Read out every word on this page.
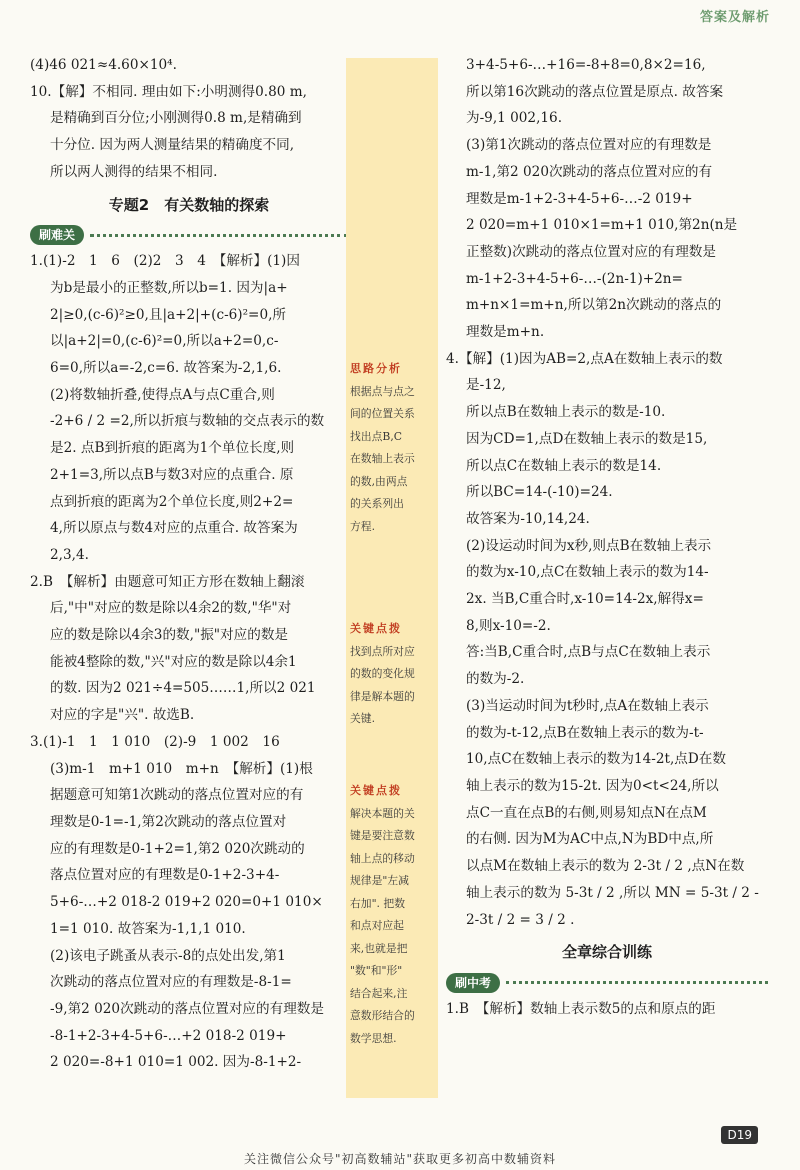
答案及解析
(4)46 021≈4.60×10⁴.
10.【解】不相同. 理由如下:小明测得0.80 m,
是精确到百分位;小刚测得0.8 m,是精确到
十分位. 因为两人测量结果的精确度不同,
所以两人测得的结果不相同.
专题2　有关数轴的探索
刷难关
1.(1)-2　1　6　(2)2　3　4　【解析】(1)因
为b是最小的正整数,所以b=1. 因为|a+
2|≥0,(c-6)²≥0,且|a+2|+(c-6)²=0,所
以|a+2|=0,(c-6)²=0,所以a+2=0,c-
6=0,所以a=-2,c=6. 故答案为-2,1,6.
(2)将数轴折叠,使得点A与点C重合,则
-2+6 / 2 =2,所以折痕与数轴的交点表示的数
是2. 点B到折痕的距离为1个单位长度,则
2+1=3,所以点B与数3对应的点重合. 原
点到折痕的距离为2个单位长度,则2+2=
4,所以原点与数4对应的点重合. 故答案为
2,3,4.
2.B　【解析】由题意可知正方形在数轴上翻滚
后,"中"对应的数是除以4余2的数,"华"对
应的数是除以4余3的数,"振"对应的数是
能被4整除的数,"兴"对应的数是除以4余1
的数. 因为2 021÷4=505……1,所以2 021
对应的字是"兴". 故选B.
3.(1)-1　1　1 010　(2)-9　1 002　16
(3)m-1　m+1 010　m+n　【解析】(1)根
据题意可知第1次跳动的落点位置对应的有
理数是0-1=-1,第2次跳动的落点位置对
应的有理数是0-1+2=1,第2 020次跳动的
落点位置对应的有理数是0-1+2-3+4-
5+6-…+2 018-2 019+2 020=0+1 010×
1=1 010. 故答案为-1,1,1 010.
(2)该电子跳蚤从表示-8的点处出发,第1
次跳动的落点位置对应的有理数是-8-1=
-9,第2 020次跳动的落点位置对应的有理数是
-8-1+2-3+4-5+6-…+2 018-2 019+
2 020=-8+1 010=1 002. 因为-8-1+2-
思路分析
根据点与点之
间的位置关系
找出点B,C
在数轴上表示
的数,由两点
的关系列出
方程.
关键点拨
找到点所对应
的数的变化规
律是解本题的
关键.
关键点拨
解决本题的关
键是要注意数
轴上点的移动
规律是"左减
右加". 把数
和点对应起
来,也就是把
"数"和"形"
结合起来,注
意数形结合的
数学思想.
3+4-5+6-…+16=-8+8=0,8×2=16,
所以第16次跳动的落点位置是原点. 故答案
为-9,1 002,16.
(3)第1次跳动的落点位置对应的有理数是
m-1,第2 020次跳动的落点位置对应的有
理数是m-1+2-3+4-5+6-…-2 019+
2 020=m+1 010×1=m+1 010,第2n(n是
正整数)次跳动的落点位置对应的有理数是
m-1+2-3+4-5+6-…-(2n-1)+2n=
m+n×1=m+n,所以第2n次跳动的落点的
理数是m+n.
4.【解】(1)因为AB=2,点A在数轴上表示的数
是-12,
所以点B在数轴上表示的数是-10.
因为CD=1,点D在数轴上表示的数是15,
所以点C在数轴上表示的数是14.
所以BC=14-(-10)=24.
故答案为-10,14,24.
(2)设运动时间为x秒,则点B在数轴上表示
的数为x-10,点C在数轴上表示的数为14-
2x. 当B,C重合时,x-10=14-2x,解得x=
8,则x-10=-2.
答:当B,C重合时,点B与点C在数轴上表示
的数为-2.
(3)当运动时间为t秒时,点A在数轴上表示
的数为-t-12,点B在数轴上表示的数为-t-
10,点C在数轴上表示的数为14-2t,点D在数
轴上表示的数为15-2t. 因为0<t<24,所以
点C一直在点B的右侧,则易知点N在点M
的右侧. 因为M为AC中点,N为BD中点,所
以点M在数轴上表示的数为 2-3t / 2 ,点N在数
轴上表示的数为 5-3t / 2 ,所以 MN = 5-3t / 2 -
2-3t / 2 = 3 / 2 .
全章综合训练
刷中考
1.B　【解析】数轴上表示数5的点和原点的距
D19
关注微信公众号"初高数辅站"获取更多初高中数辅资料
